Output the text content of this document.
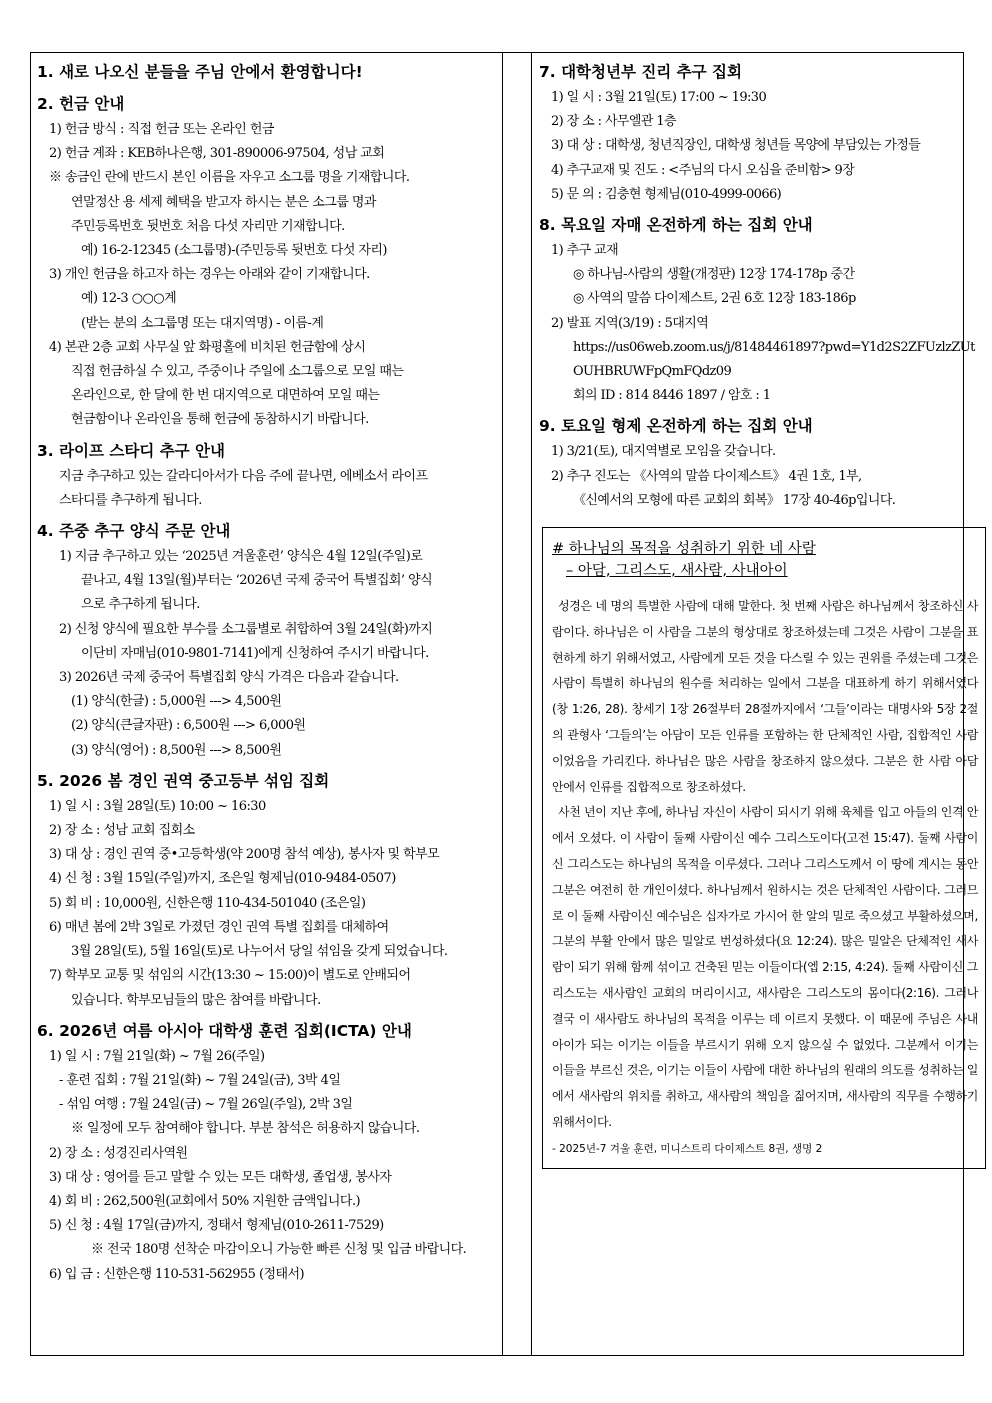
1. 새로 나오신 분들을 주님 안에서 환영합니다!

2. 헌금 안내

1) 헌금 방식 : 직접 헌금 또는 온라인 헌금

2) 헌금 계좌 : KEB하나은행, 301-890006-97504, 성남 교회

※ 송금인 란에 반드시 본인 이름을 자우고 소그룹 명을 기재합니다.

연말정산 용 세제 혜택을 받고자 하시는 분은 소그룹 명과

주민등록번호 뒷번호 처음 다섯 자리만 기재합니다.

예) 16-2-12345 (소그룹명)-(주민등록 뒷번호 다섯 자리)

3) 개인 헌금을 하고자 하는 경우는 아래와 같이 기재합니다.

예) 12-3 ○○○계

(받는 분의 소그룹명 또는 대지역명) - 이름-계

4) 본관 2층 교회 사무실 앞 화평홀에 비치된 헌금함에 상시

직접 헌금하실 수 있고, 주중이나 주일에 소그룹으로 모일 때는

온라인으로, 한 달에 한 번 대지역으로 대면하여 모일 때는

현금함이나 온라인을 통해 헌금에 동참하시기 바랍니다.

3. 라이프 스타디 추구 안내

지금 추구하고 있는 갈라디아서가 다음 주에 끝나면, 에베소서 라이프

스타디를 추구하게 됩니다.

4. 주중 추구 양식 주문 안내

1) 지금 추구하고 있는 ‘2025년 겨울훈련’ 양식은 4월 12일(주일)로

끝나고, 4월 13일(월)부터는 ‘2026년 국제 중국어 특별집회’ 양식

으로 추구하게 됩니다.

2) 신청 양식에 필요한 부수를 소그룹별로 취합하여 3월 24일(화)까지

이단비 자매님(010-9801-7141)에게 신청하여 주시기 바랍니다.

3) 2026년 국제 중국어 특별집회 양식 가격은 다음과 같습니다.

(1) 양식(한글) : 5,000원 ---> 4,500원

(2) 양식(큰글자판) : 6,500원 ---> 6,000원

(3) 양식(영어) : 8,500원 ---> 8,500원

5. 2026 봄 경인 권역 중고등부 섞임 집회

1) 일 시 : 3월 28일(토) 10:00 ~ 16:30

2) 장 소 : 성남 교회 집회소

3) 대 상 : 경인 권역 중•고등학생(약 200명 참석 예상), 봉사자 및 학부모

4) 신 청 : 3월 15일(주일)까지, 조은일 형제님(010-9484-0507)

5) 회 비 : 10,000원, 신한은행 110-434-501040 (조은일)

6) 매년 봄에 2박 3일로 가졌던 경인 권역 특별 집회를 대체하여

3월 28일(토), 5월 16일(토)로 나누어서 당일 섞임을 갖게 되었습니다.

7) 학부모 교통 및 섞임의 시간(13:30 ~ 15:00)이 별도로 안배되어

있습니다. 학부모님들의 많은 참여를 바랍니다.

6. 2026년 여름 아시아 대학생 훈련 집회(ICTA) 안내

1) 일 시 : 7월 21일(화) ~ 7월 26(주일)

- 훈련 집회 : 7월 21일(화) ~ 7월 24일(금), 3박 4일

- 섞임 여행 : 7월 24일(금) ~ 7월 26일(주일), 2박 3일

※ 일정에 모두 참여해야 합니다. 부분 참석은 허용하지 않습니다.

2) 장 소 : 성경진리사역원

3) 대 상 : 영어를 듣고 말할 수 있는 모든 대학생, 졸업생, 봉사자

4) 회 비 : 262,500원(교회에서 50% 지원한 금액입니다.)

5) 신 청 : 4월 17일(금)까지, 정태서 형제님(010-2611-7529)

※ 전국 180명 선착순 마감이오니 가능한 빠른 신청 및 입금 바랍니다.

6) 입 금 : 신한은행 110-531-562955 (정태서)

7. 대학청년부 진리 추구 집회

1) 일 시 : 3월 21일(토) 17:00 ~ 19:30

2) 장 소 : 사무엘관 1층

3) 대 상 : 대학생, 청년직장인, 대학생 청년들 목양에 부담있는 가정들

4) 추구교재 및 진도 : <주님의 다시 오심을 준비함> 9장

5) 문 의 : 김충현 형제님(010-4999-0066)

8. 목요일 자매 온전하게 하는 집회 안내

1) 추구 교재

◎ 하나님-사람의 생활(개정판) 12장 174-178p 중간

◎ 사역의 말씀 다이제스트, 2권 6호 12장 183-186p

2) 발표 지역(3/19) : 5대지역

https://us06web.zoom.us/j/81484461897?pwd=Y1d2S2ZFUzlzZUt

OUHBRUWFpQmFQdz09

회의 ID : 814 8446 1897 / 암호 : 1

9. 토요일 형제 온전하게 하는 집회 안내

1) 3/21(토), 대지역별로 모임을 갖습니다.

2) 추구 진도는 《사역의 말씀 다이제스트》 4권 1호, 1부,

《신예서의 모형에 따른 교회의 회복》 17장 40-46p입니다.

# 하나님의 목적을 성취하기 위한 네 사람

– 아담, 그리스도, 새사람, 사내아이

성경은 네 명의 특별한 사람에 대해 말한다. 첫 번째 사람은 하나님께서 창조하신 사람이다. 하나님은 이 사람을 그분의 형상대로 창조하셨는데 그것은 사람이 그분을 표현하게 하기 위해서였고, 사람에게 모든 것을 다스릴 수 있는 권위를 주셨는데 그것은 사람이 특별히 하나님의 원수를 처리하는 일에서 그분을 대표하게 하기 위해서였다(창 1:26, 28). 창세기 1장 26절부터 28절까지에서 ‘그들’이라는 대명사와 5장 2절의 관형사 ‘그들의’는 아담이 모든 인류를 포함하는 한 단체적인 사람, 집합적인 사람이었음을 가리킨다. 하나님은 많은 사람을 창조하지 않으셨다. 그분은 한 사람 아담 안에서 인류를 집합적으로 창조하셨다.

사천 년이 지난 후에, 하나님 자신이 사람이 되시기 위해 육체를 입고 아들의 인격 안에서 오셨다. 이 사람이 둘째 사람이신 예수 그리스도이다(고전 15:47). 둘째 사람이신 그리스도는 하나님의 목적을 이루셨다. 그러나 그리스도께서 이 땅에 계시는 동안 그분은 여전히 한 개인이셨다. 하나님께서 원하시는 것은 단체적인 사람이다. 그러므로 이 둘째 사람이신 예수님은 십자가로 가시어 한 알의 밀로 죽으셨고 부활하셨으며, 그분의 부활 안에서 많은 밀알로 번성하셨다(요 12:24). 많은 밀알은 단체적인 새사람이 되기 위해 함께 섞이고 건축된 믿는 이들이다(엡 2:15, 4:24). 둘째 사람이신 그리스도는 새사람인 교회의 머리이시고, 새사람은 그리스도의 몸이다(2:16). 그러나 결국 이 새사람도 하나님의 목적을 이루는 데 이르지 못했다. 이 때문에 주님은 사내아이가 되는 이기는 이들을 부르시기 위해 오지 않으실 수 없었다. 그분께서 이기는 이들을 부르신 것은, 이기는 이들이 사람에 대한 하나님의 원래의 의도를 성취하는 일에서 새사람의 위치를 취하고, 새사람의 책임을 짊어지며, 새사람의 직무를 수행하기 위해서이다.

- 2025년-7 겨울 훈련, 미니스트리 다이제스트 8권, 생명 2
